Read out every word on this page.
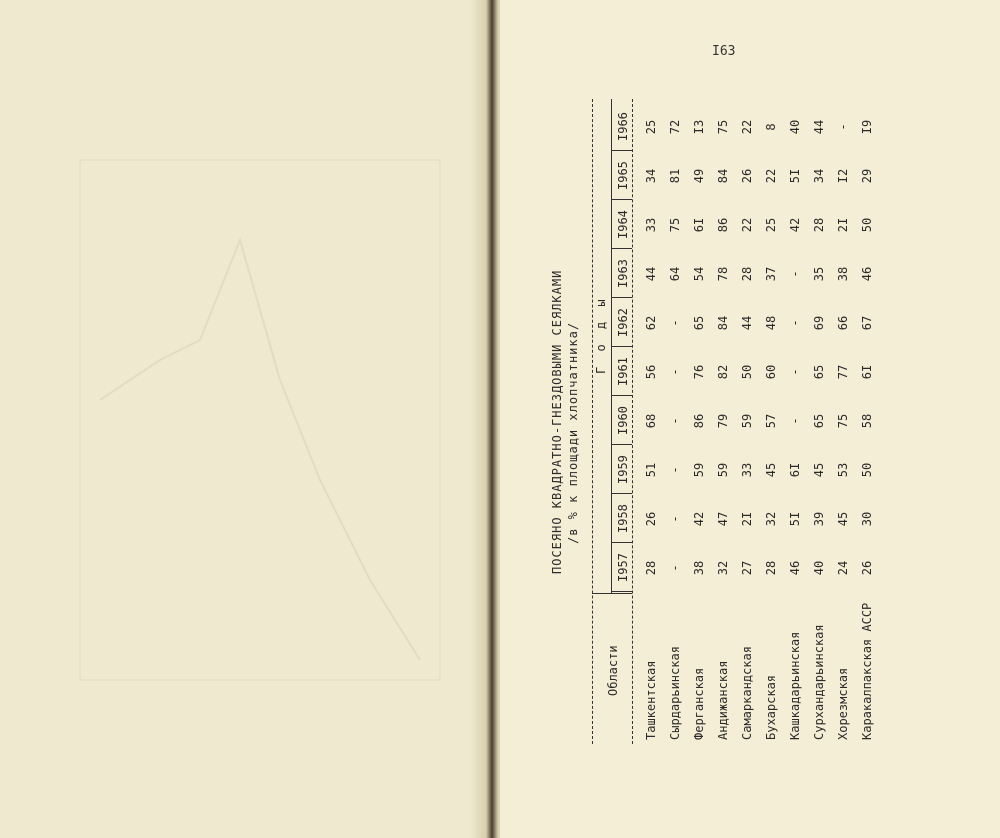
I63
ПОСЕЯНО КВАДРАТНО-ГНЕЗДОВЫМИ СЕЯЛКАМИ /в % к площади хлопчатника/
Области
Г о д ы
I957
I958
I959
I960
I961
I962
I963
I964
I965
I966
Ташкентская
28
26
51
68
56
62
44
33
34
25
Сырдарьинская
-
-
-
-
-
-
64
75
81
72
Ферганская
38
42
59
86
76
65
54
6I
49
I3
Андижанская
32
47
59
79
82
84
78
86
84
75
Самаркандская
27
2I
33
59
50
44
28
22
26
22
Бухарская
28
32
45
57
60
48
37
25
22
8
Кашкадарьинская
46
5I
6I
-
-
-
-
42
5I
40
Сурхандарьинская
40
39
45
65
65
69
35
28
34
44
Хорезмская
24
45
53
75
77
66
38
2I
I2
-
Каракалпакская АССР
26
30
50
58
6I
67
46
50
29
I9
